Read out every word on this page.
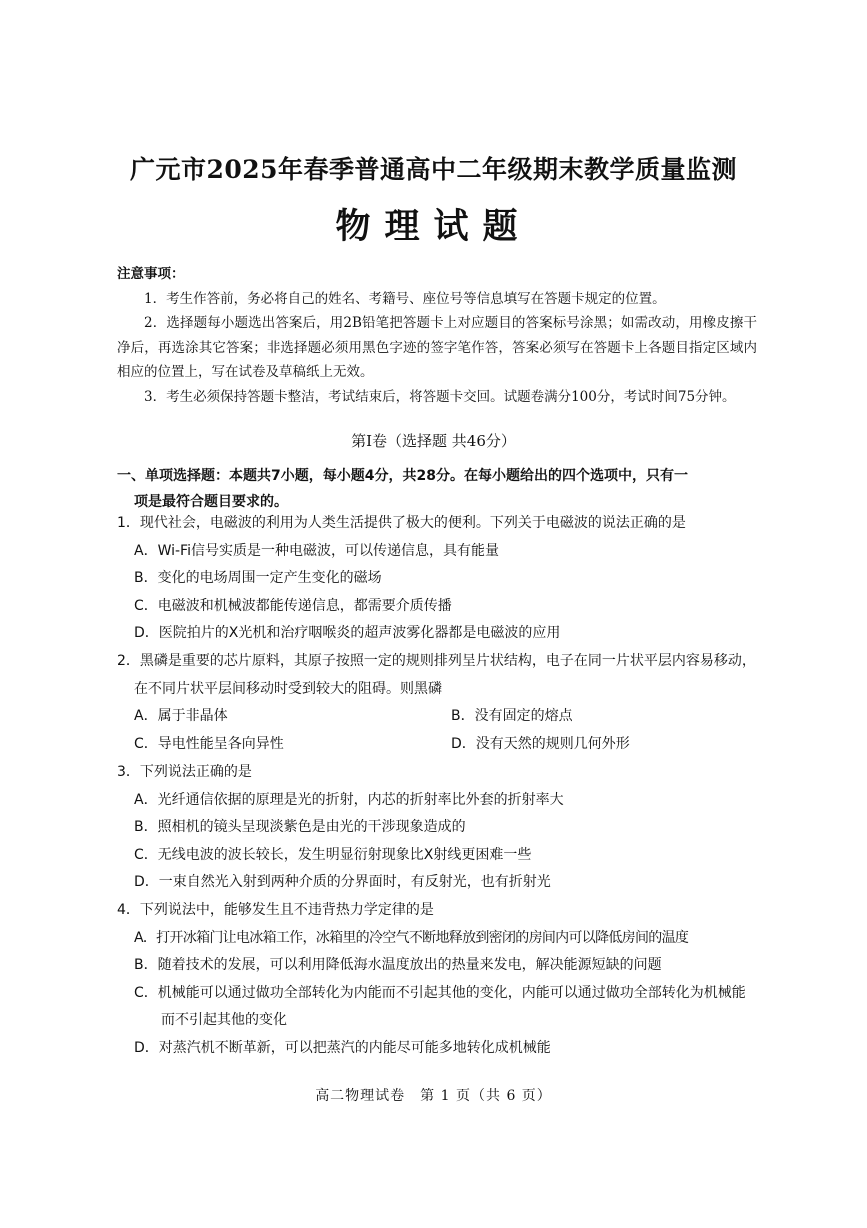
广元市2025年春季普通高中二年级期末教学质量监测
物理试题
注意事项：
1．考生作答前，务必将自己的姓名、考籍号、座位号等信息填写在答题卡规定的位置。
2．选择题每小题选出答案后，用2B铅笔把答题卡上对应题目的答案标号涂黑；如需改动，用橡皮擦干净后，再选涂其它答案；非选择题必须用黑色字迹的签字笔作答，答案必须写在答题卡上各题目指定区域内相应的位置上，写在试卷及草稿纸上无效。
3．考生必须保持答题卡整洁，考试结束后，将答题卡交回。试题卷满分100分，考试时间75分钟。
第Ⅰ卷（选择题 共46分）
一、单项选择题：本题共7小题，每小题4分，共28分。在每小题给出的四个选项中，只有一
项是最符合题目要求的。
1．现代社会，电磁波的利用为人类生活提供了极大的便利。下列关于电磁波的说法正确的是
A．Wi-Fi信号实质是一种电磁波，可以传递信息，具有能量
B．变化的电场周围一定产生变化的磁场
C．电磁波和机械波都能传递信息，都需要介质传播
D．医院拍片的X光机和治疗咽喉炎的超声波雾化器都是电磁波的应用
2．黑磷是重要的芯片原料，其原子按照一定的规则排列呈片状结构，电子在同一片状平层内容易移动，在不同片状平层间移动时受到较大的阻碍。则黑磷
A．属于非晶体	B．没有固定的熔点
C．导电性能呈各向异性	D．没有天然的规则几何外形
3．下列说法正确的是
A．光纤通信依据的原理是光的折射，内芯的折射率比外套的折射率大
B．照相机的镜头呈现淡紫色是由光的干涉现象造成的
C．无线电波的波长较长，发生明显衍射现象比X射线更困难一些
D．一束自然光入射到两种介质的分界面时，有反射光，也有折射光
4．下列说法中，能够发生且不违背热力学定律的是
A．打开冰箱门让电冰箱工作，冰箱里的冷空气不断地释放到密闭的房间内可以降低房间的温度
B．随着技术的发展，可以利用降低海水温度放出的热量来发电，解决能源短缺的问题
C．机械能可以通过做功全部转化为内能而不引起其他的变化，内能可以通过做功全部转化为机械能而不引起其他的变化
D．对蒸汽机不断革新，可以把蒸汽的内能尽可能多地转化成机械能
高二物理试卷　第 1 页（共 6 页）
